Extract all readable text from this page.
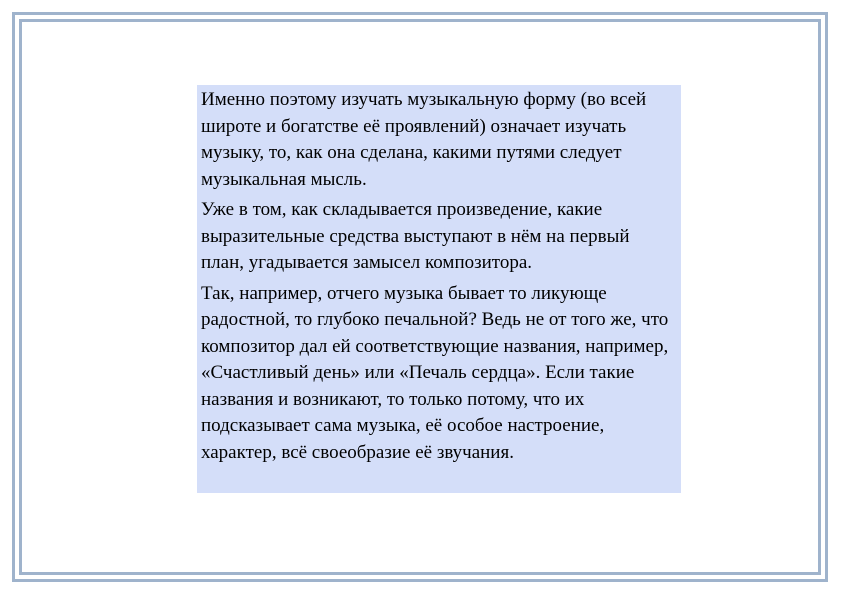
Именно поэтому изучать музыкальную форму (во всей широте и богатстве её проявлений) означает изучать музыку, то, как она сделана, какими путями следует музыкальная мысль.

Уже в том, как складывается произведение, какие выразительные средства выступают в нём на первый план, угадывается замысел композитора.

Так, например, отчего музыка бывает то ликующе радостной, то глубоко печальной? Ведь не от того же, что композитор дал ей соответствующие названия, например, «Счастливый день» или «Печаль сердца». Если такие названия и возникают, то только потому, что их подсказывает сама музыка, её особое настроение, характер, всё своеобразие её звучания.
